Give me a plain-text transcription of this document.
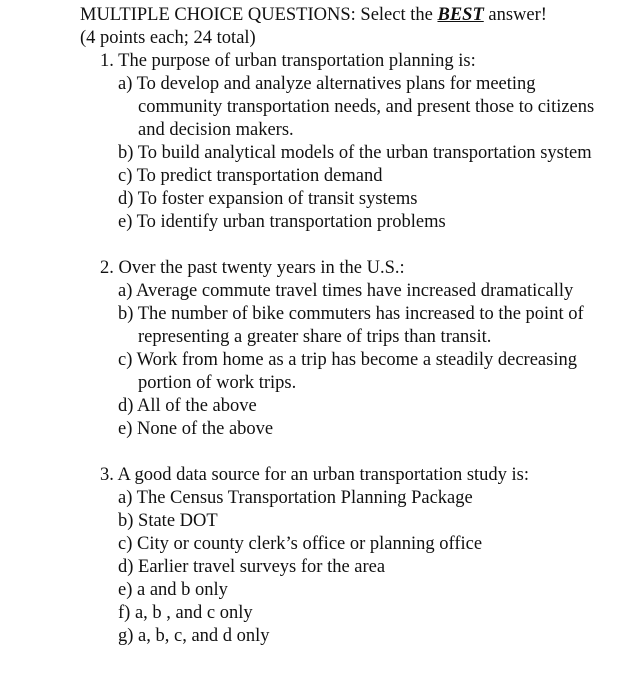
MULTIPLE CHOICE QUESTIONS: Select the BEST answer!
(4 points each; 24 total)
1. The purpose of urban transportation planning is:
a) To develop and analyze alternatives plans for meeting community transportation needs, and present those to citizens and decision makers.
b) To build analytical models of the urban transportation system
c) To predict transportation demand
d) To foster expansion of transit systems
e) To identify urban transportation problems
2. Over the past twenty years in the U.S.:
a) Average commute travel times have increased dramatically
b) The number of bike commuters has increased to the point of representing a greater share of trips than transit.
c) Work from home as a trip has become a steadily decreasing portion of work trips.
d) All of the above
e) None of the above
3. A good data source for an urban transportation study is:
a) The Census Transportation Planning Package
b) State DOT
c) City or county clerk’s office or planning office
d) Earlier travel surveys for the area
e) a and b only
f) a, b , and c only
g) a, b, c, and d only
